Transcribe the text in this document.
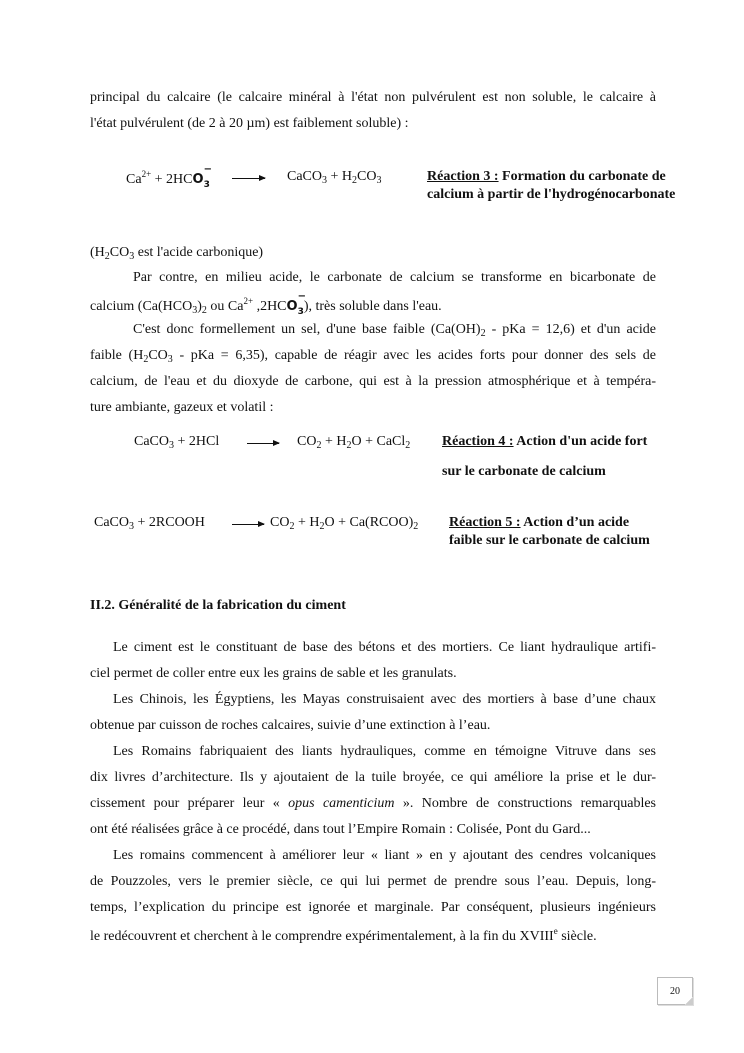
principal du calcaire (le calcaire minéral à l'état non pulvérulent est non soluble, le calcaire à
l'état pulvérulent (de 2 à 20 µm) est faiblement soluble) :
$Ca^{2+} + 2HCO_3$
−	CaCO$_3$ + $H_2CO_3$	Réaction 3 : Formation du carbonate de
calcium à partir de l'hydrogénocarbonate
($H_2CO_3$ est l'acide carbonique)
Par contre, en milieu acide, le carbonate de calcium se transforme en bicarbonate de
calcium ($Ca(HCO_3)_2$ ou $Ca^{2+}$ $,2HCO_3$
−
), très soluble dans l'eau.
C'est donc formellement un sel, d'une base faible ($Ca(OH)_2$ - pKa = 12,6) et d'un acide
faible ($H_2CO_3$ - pKa = 6,35), capable de réagir avec les acides forts pour donner des sels de
calcium, de l'eau et du dioxyde de carbone, qui est à la pression atmosphérique et à tempéra-
ture ambiante, gazeux et volatil :
CaCO$_3$ + $2HCl \to CO_2 + H_2O$ + CaCl$_2$ Réaction 4 : Action d'un acide fort
sur le carbonate de calcium
CaCO$_3$ + 2RCOOH → $CO_2 + H_2O$ + $Ca(RCOO)_2$ Réaction 5 : Action d’un acide
faible sur le carbonate de calcium
II.2. Généralité de la fabrication du ciment
Le ciment est le constituant de base des bétons et des mortiers. Ce liant hydraulique artifi-
ciel permet de coller entre eux les grains de sable et les granulats.
Les Chinois, les Égyptiens, les Mayas construisaient avec des mortiers à base d’une chaux
obtenue par cuisson de roches calcaires, suivie d’une extinction à l’eau.
Les Romains fabriquaient des liants hydrauliques, comme en témoigne Vitruve dans ses
dix livres d’architecture. Ils y ajoutaient de la tuile broyée, ce qui améliore la prise et le dur-
cissement pour préparer leur « opus camenticium ». Nombre de constructions remarquables
ont été réalisées grâce à ce procédé, dans tout l’Empire Romain : Colisée, Pont du Gard...
Les romains commencent à améliorer leur « liant » en y ajoutant des cendres volcaniques
de Pouzzoles, vers le premier siècle, ce qui lui permet de prendre sous l’eau. Depuis, long-
temps, l’explication du principe est ignorée et marginale. Par conséquent, plusieurs ingénieurs
le redécouvrent et cherchent à le comprendre expérimentalement, à la fin du XVIIIe siècle.
20
